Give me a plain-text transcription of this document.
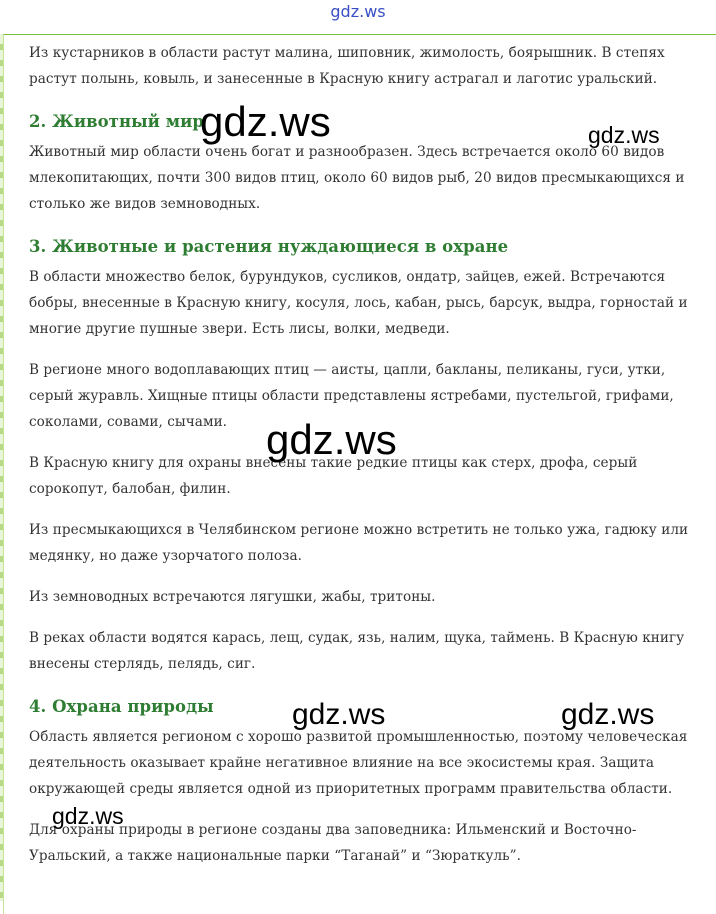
gdz.ws

Из кустарников в области растут малина, шиповник, жимолость, боярышник. В степях растут полынь, ковыль, и занесенные в Красную книгу астрагал и лаготис уральский.

2. Животный мир

Животный мир области очень богат и разнообразен. Здесь встречается около 60 видов млекопитающих, почти 300 видов птиц, около 60 видов рыб, 20 видов пресмыкающихся и столько же видов земноводных.

3. Животные и растения нуждающиеся в охране

В области множество белок, бурундуков, сусликов, ондатр, зайцев, ежей. Встречаются бобры, внесенные в Красную книгу, косуля, лось, кабан, рысь, барсук, выдра, горностай и многие другие пушные звери. Есть лисы, волки, медведи.

В регионе много водоплавающих птиц — аисты, цапли, бакланы, пеликаны, гуси, утки, серый журавль. Хищные птицы области представлены ястребами, пустельгой, грифами, соколами, совами, сычами.

В Красную книгу для охраны внесены такие редкие птицы как стерх, дрофа, серый сорокопут, балобан, филин.

Из пресмыкающихся в Челябинском регионе можно встретить не только ужа, гадюку или медянку, но даже узорчатого полоза.

Из земноводных встречаются лягушки, жабы, тритоны.

В реках области водятся карась, лещ, судак, язь, налим, щука, таймень. В Красную книгу внесены стерлядь, пелядь, сиг.

4. Охрана природы

Область является регионом с хорошо развитой промышленностью, поэтому человеческая деятельность оказывает крайне негативное влияние на все экосистемы края. Защита окружающей среды является одной из приоритетных программ правительства области.

Для охраны природы в регионе созданы два заповедника: Ильменский и Восточно-Уральский, а также национальные парки “Таганай” и “Зюраткуль”.

gdz.ws	gdz.ws
gdz.ws
gdz.ws	gdz.ws
gdz.ws
